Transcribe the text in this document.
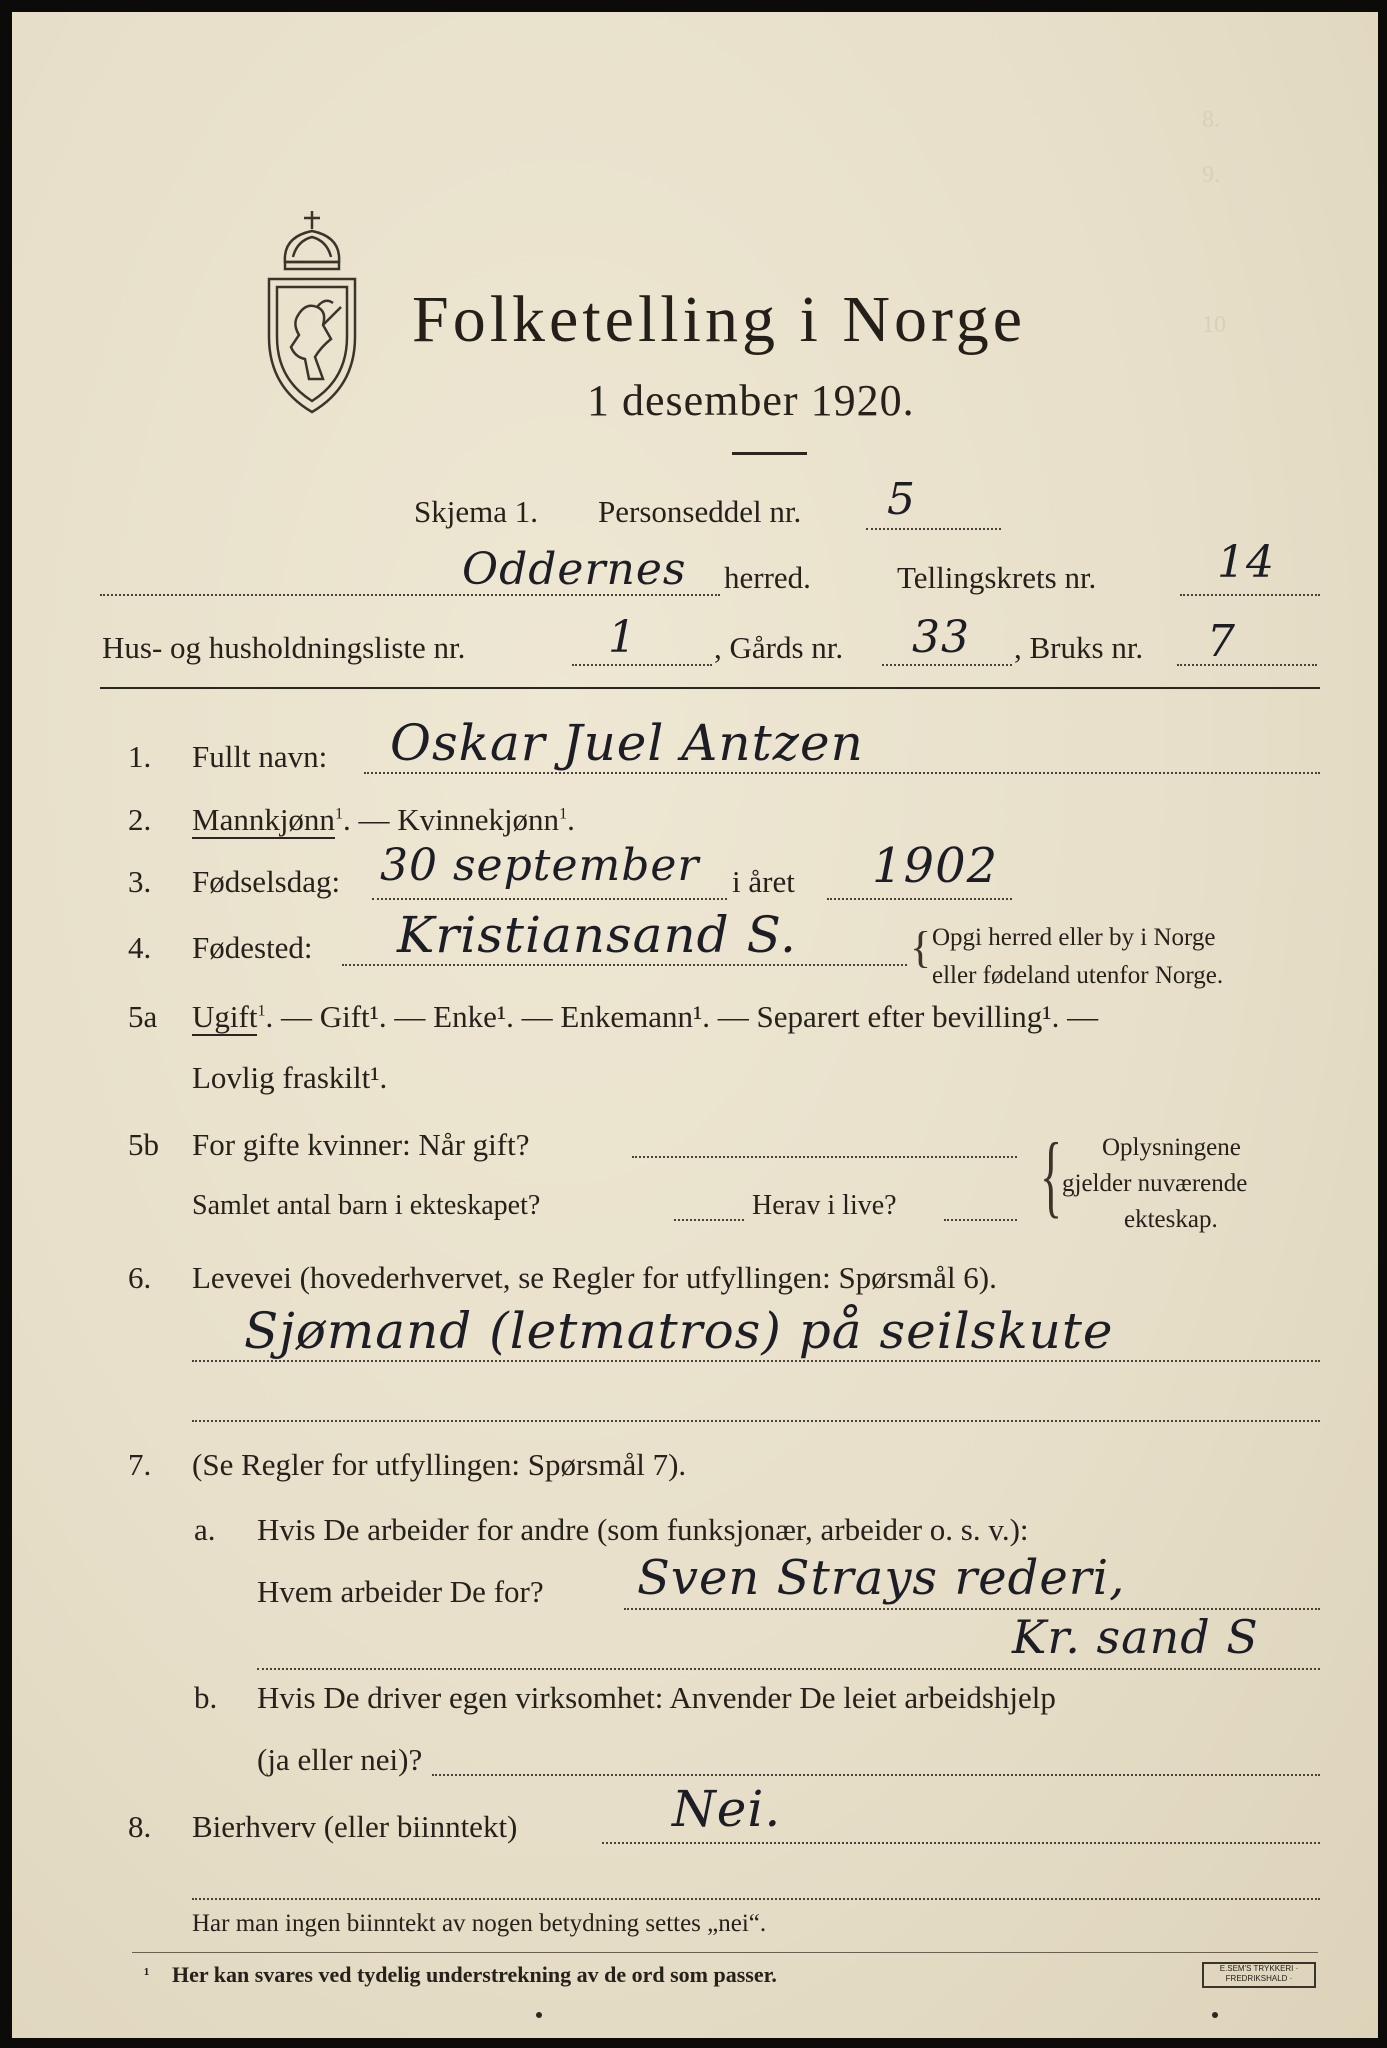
8.
9.
10
Folketelling i Norge
1 desember 1920.
Skjema 1. Personseddel nr. 5
Oddernes herred.	Tellingskrets nr.	14
Hus- og husholdningsliste nr.	1 , Gårds nr. 33 , Bruks nr. 7
1. Fullt navn: Oskar Juel Antzen
2. Mannkjønn$^1$. — Kvinnekjønn$^1$.
3. Fødselsdag: 30 september i året 1902
4. Fødested: Kristiansand S.	{ Opgi herred eller by i Norge
eller fødeland utenfor Norge.
5a Ugift$^1$. — Gift¹. — Enke¹. — Enkemann¹. — Separert efter bevilling¹. —
Lovlig fraskilt¹.
5b For gifte kvinner: Når gift?
Samlet antal barn i ekteskapet?	Herav i live? { Oplysningene
gjelder nuværende
ekteskap.
6. Levevei (hovederhvervet, se Regler for utfyllingen: Spørsmål 6).
Sjømand (letmatros) på seilskute
7. (Se Regler for utfyllingen: Spørsmål 7).
a. Hvis De arbeider for andre (som funksjonær, arbeider o. s. v.):
Hvem arbeider De for? Sven Strays rederi,
Kr. sand S
b. Hvis De driver egen virksomhet: Anvender De leiet arbeidshjelp
(ja eller nei)?
8. Bierhverv (eller biinntekt)	Nei.
Har man ingen biinntekt av nogen betydning settes „nei“.
¹ Her kan svares ved tydelig understrekning av de ord som passer.	E.SEM'S TRYKKERI · FREDRIKSHALD ·
